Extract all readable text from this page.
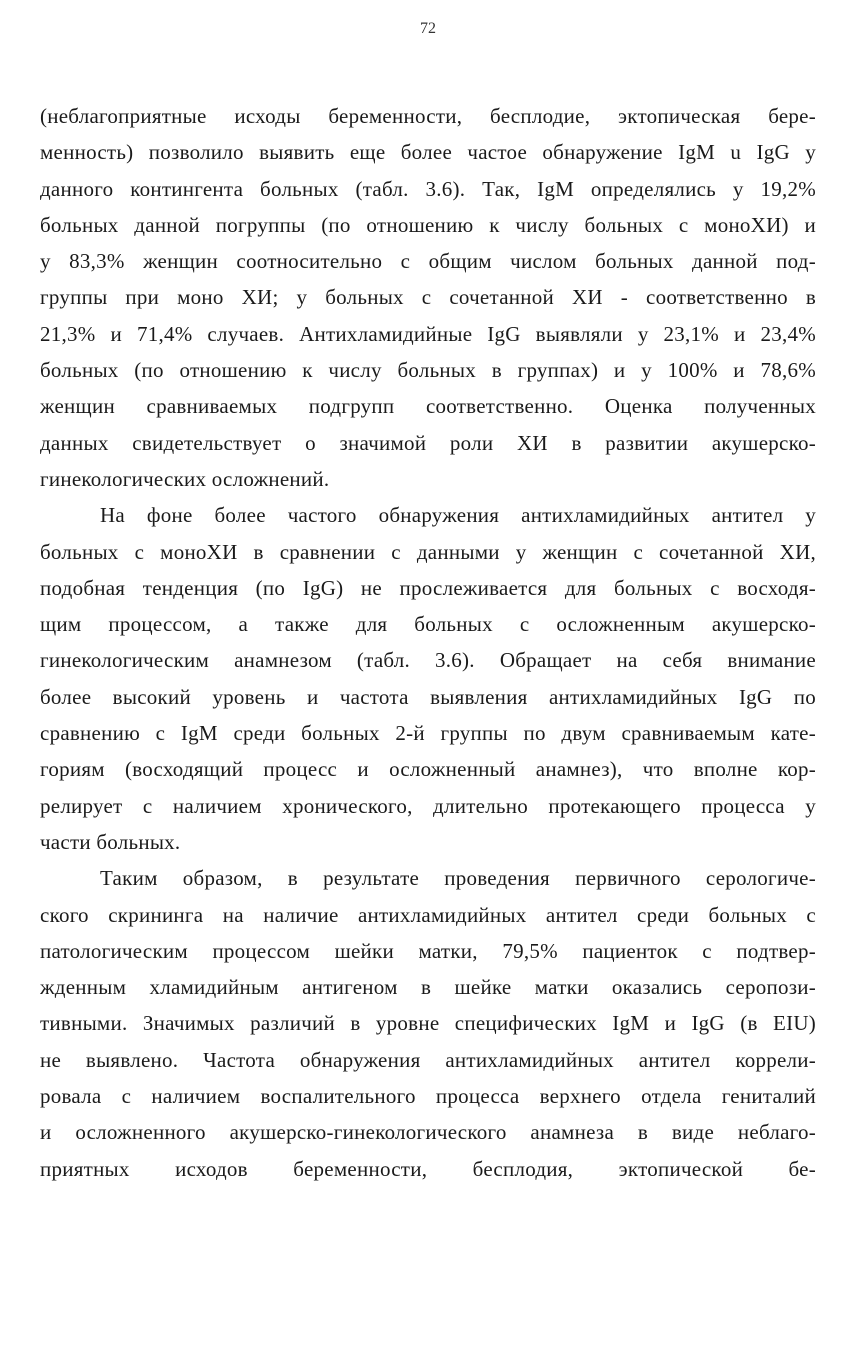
72
(неблагоприятные исходы беременности, бесплодие, эктопическая бере-
менность) позволило выявить еще более частое обнаружение IgM u IgG у
данного контингента больных (табл. 3.6). Так, IgM определялись у 19,2%
больных данной погруппы (по отношению к числу больных с моноХИ) и
у 83,3% женщин соотносительно с общим числом больных данной под-
группы при моно ХИ; у больных с сочетанной ХИ - соответственно в
21,3% и 71,4% случаев. Антихламидийные IgG выявляли у 23,1% и 23,4%
больных (по отношению к числу больных в группах) и у 100% и 78,6%
женщин сравниваемых подгрупп соответственно. Оценка полученных
данных свидетельствует о значимой роли ХИ в развитии акушерско-
гинекологических осложнений.
На фоне более частого обнаружения антихламидийных антител у
больных с моноХИ в сравнении с данными у женщин с сочетанной ХИ,
подобная тенденция (по IgG) не прослеживается для больных с восходя-
щим процессом, а также для больных с осложненным акушерско-
гинекологическим анамнезом (табл. 3.6). Обращает на себя внимание
более высокий уровень и частота выявления антихламидийных IgG по
сравнению с IgM среди больных 2-й группы по двум сравниваемым кате-
гориям (восходящий процесс и осложненный анамнез), что вполне кор-
релирует с наличием хронического, длительно протекающего процесса у
части больных.
Таким образом, в результате проведения первичного серологиче-
ского скрининга на наличие антихламидийных антител среди больных с
патологическим процессом шейки матки, 79,5% пациенток с подтвер-
жденным хламидийным антигеном в шейке матки оказались серопози-
тивными. Значимых различий в уровне специфических IgM и IgG (в EIU)
не выявлено. Частота обнаружения антихламидийных антител коррели-
ровала с наличием воспалительного процесса верхнего отдела гениталий
и осложненного акушерско-гинекологического анамнеза в виде неблаго-
приятных исходов беременности, бесплодия, эктопической бе-
